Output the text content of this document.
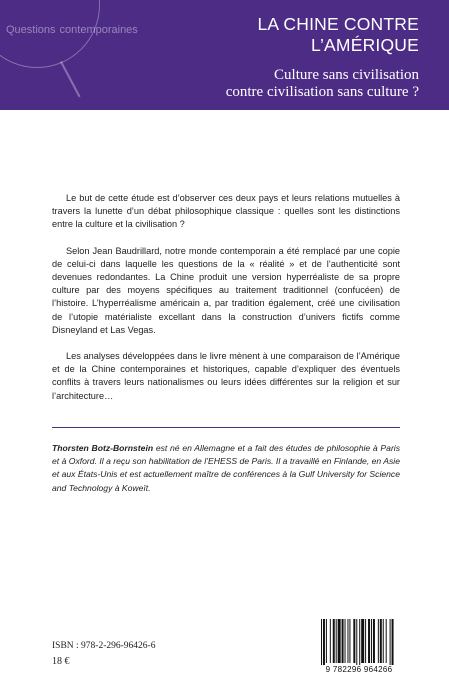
Questions contemporaines	LA CHINE CONTRE
L’AMÉRIQUE
Culture sans civilisation
contre civilisation sans culture ?

Le but de cette étude est d’observer ces deux pays et leurs relations mutuelles à travers la lunette d’un débat philosophique classique : quelles sont les distinctions entre la culture et la civilisation ?

Selon Jean Baudrillard, notre monde contemporain a été remplacé par une copie de celui-ci dans laquelle les questions de la « réalité » et de l’authenticité sont devenues redondantes. La Chine produit une version hyperréaliste de sa propre culture par des moyens spécifiques au traitement traditionnel (confucéen) de l’histoire. L’hyperréalisme américain a, par tradition également, créé une civilisation de l’utopie matérialiste excellant dans la construction d’univers fictifs comme Disneyland et Las Vegas.

Les analyses développées dans le livre mènent à une comparaison de l’Amérique et de la Chine contemporaines et historiques, capable d’expliquer des éventuels conflits à travers leurs nationalismes ou leurs idées différentes sur la religion et sur l’architecture…

Thorsten Botz-Bornstein est né en Allemagne et a fait des études de philosophie à Paris et à Oxford. Il a reçu son habilitation de l’EHESS de Paris. Il a travaillé en Finlande, en Asie et aux États-Unis et est actuellement maître de conférences à la Gulf University for Science and Technology à Koweït.

ISBN : 978-2-296-96426-6
18 €
9 782296 964266
